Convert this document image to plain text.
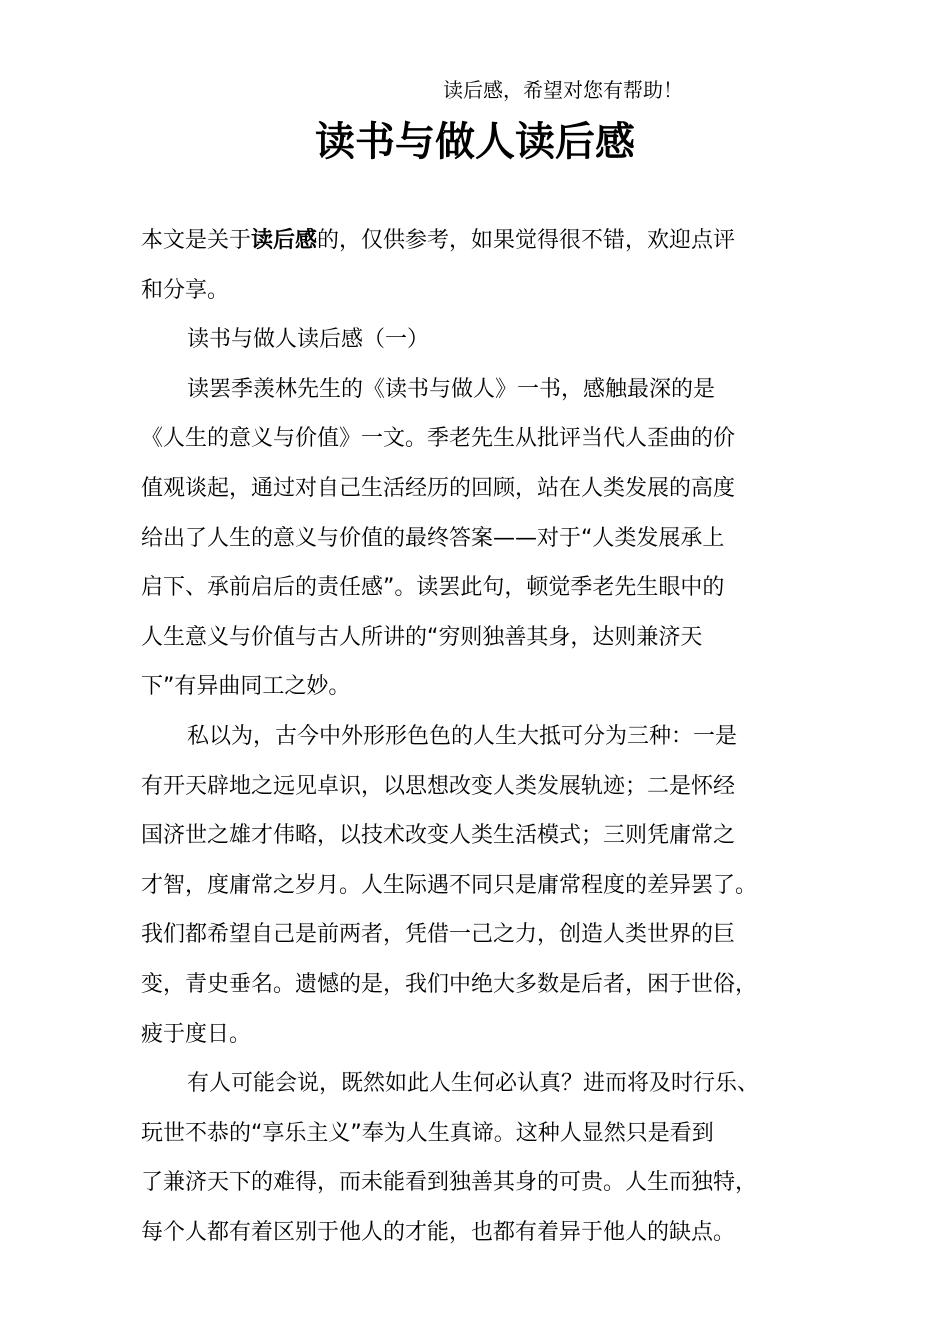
读后感，希望对您有帮助！
读书与做人读后感

本文是关于读后感的，仅供参考，如果觉得很不错，欢迎点评

和分享。

读书与做人读后感（一）

读罢季羡林先生的《读书与做人》一书，感触最深的是

《人生的意义与价值》一文。季老先生从批评当代人歪曲的价

值观谈起，通过对自己生活经历的回顾，站在人类发展的高度

给出了人生的意义与价值的最终答案——对于“人类发展承上

启下、承前启后的责任感”。读罢此句，顿觉季老先生眼中的

人生意义与价值与古人所讲的“穷则独善其身，达则兼济天

下”有异曲同工之妙。

私以为，古今中外形形色色的人生大抵可分为三种：一是

有开天辟地之远见卓识，以思想改变人类发展轨迹；二是怀经

国济世之雄才伟略，以技术改变人类生活模式；三则凭庸常之

才智，度庸常之岁月。人生际遇不同只是庸常程度的差异罢了。

我们都希望自己是前两者，凭借一己之力，创造人类世界的巨

变，青史垂名。遗憾的是，我们中绝大多数是后者，困于世俗，

疲于度日。

有人可能会说，既然如此人生何必认真？进而将及时行乐、

玩世不恭的“享乐主义”奉为人生真谛。这种人显然只是看到

了兼济天下的难得，而未能看到独善其身的可贵。人生而独特，

每个人都有着区别于他人的才能，也都有着异于他人的缺点。
